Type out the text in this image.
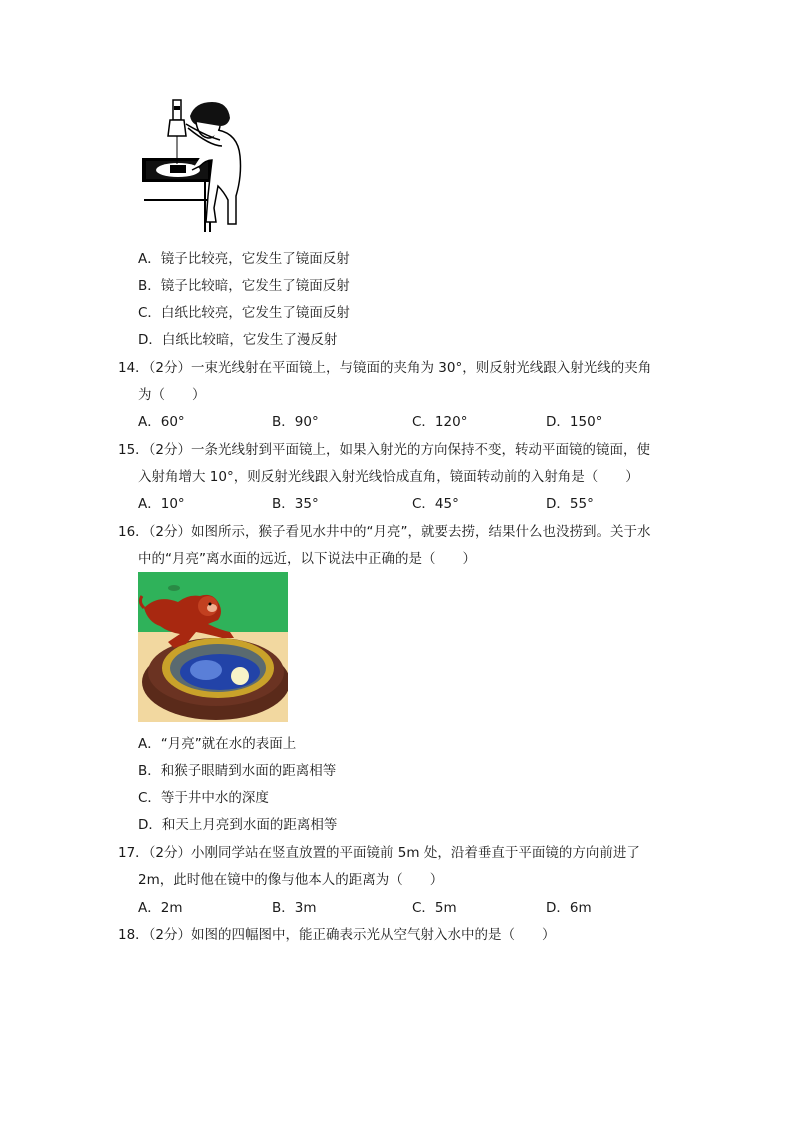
A．镜子比较亮，它发生了镜面反射
B．镜子比较暗，它发生了镜面反射
C．白纸比较亮，它发生了镜面反射
D．白纸比较暗，它发生了漫反射
14．（2分）一束光线射在平面镜上，与镜面的夹角为 30°，则反射光线跟入射光线的夹角
为（　　）
A．60°	B．90°	C．120°	D．150°
15．（2分）一条光线射到平面镜上，如果入射光的方向保持不变，转动平面镜的镜面，使
入射角增大 10°，则反射光线跟入射光线恰成直角，镜面转动前的入射角是（　　）
A．10°	B．35°	C．45°	D．55°
16．（2分）如图所示，猴子看见水井中的“月亮”，就要去捞，结果什么也没捞到。关于水
中的“月亮”离水面的远近，以下说法中正确的是（　　）
A．“月亮”就在水的表面上
B．和猴子眼睛到水面的距离相等
C．等于井中水的深度
D．和天上月亮到水面的距离相等
17．（2分）小刚同学站在竖直放置的平面镜前 5m 处，沿着垂直于平面镜的方向前进了
2m，此时他在镜中的像与他本人的距离为（　　）
A．2m	B．3m	C．5m	D．6m
18．（2分）如图的四幅图中，能正确表示光从空气射入水中的是（　　）
